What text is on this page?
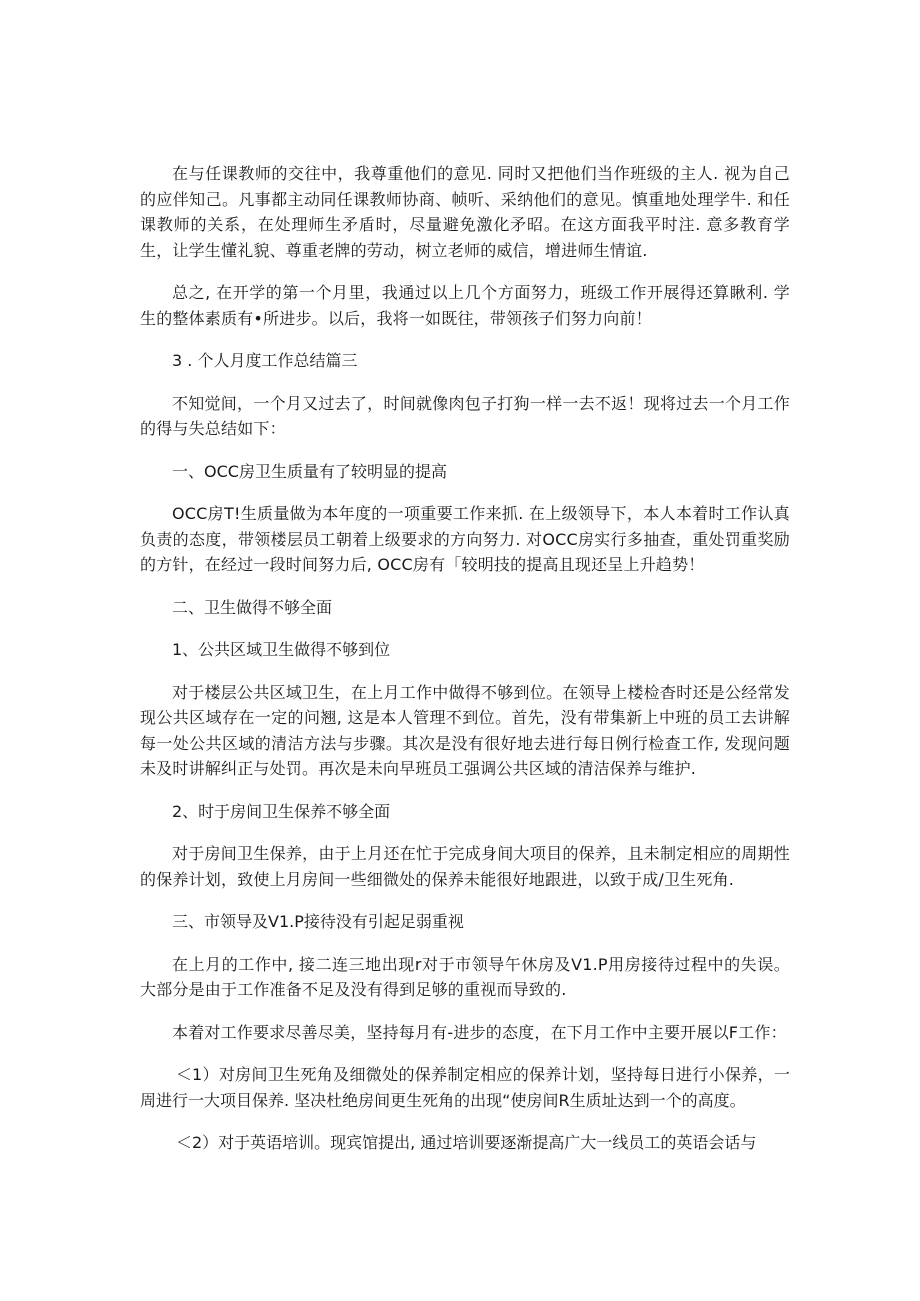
在与任课教师的交往中，我尊重他们的意见. 同时又把他们当作班级的主人. 视为自己的应伴知己。凡事都主动同任课教师协商、帧听、采纳他们的意见。慎重地处理学牛. 和任课教师的关系，在处理师生矛盾时，尽量避免激化矛昭。在这方面我平时注. 意多教育学生，让学生懂礼貌、尊重老牌的劳动，树立老师的威信，增进师生情谊.

总之, 在开学的第一个月里，我通过以上几个方面努力，班级工作开展得还算瞅利. 学生的整体素质有•所进步。以后，我将一如既往，带领孩子们努力向前！

3 . 个人月度工作总结篇三

不知觉间，一个月又过去了，时间就像肉包子打狗一样一去不返！现将过去一个月工作的得与失总结如下：

一、OCC房卫生质量有了较明显的提高

OCC房T!生质量做为本年度的一项重要工作来抓. 在上级领导下，本人本着时工作认真负责的态度，带领楼层员工朝着上级要求的方向努力. 对OCC房实行多抽查，重处罚重奖励的方针，在经过一段时间努力后, OCC房有「较明技的提高且现还呈上升趋势！

二、卫生做得不够全面

1、公共区域卫生做得不够到位

对于楼层公共区域卫生，在上月工作中做得不够到位。在领导上楼检杳时还是公经常发现公共区域存在一定的问翘, 这是本人管理不到位。首先，没有带集新上中班的员工去讲解每一处公共区域的清洁方法与步骤。其次是没有很好地去进行每日例行检查工作, 发现问题未及时讲解纠正与处罚。再次是未向早班员工强调公共区域的清洁保养与维护.

2、时于房间卫生保养不够全面

对于房间卫生保养，由于上月还在忙于完成身间大项目的保养，且未制定相应的周期性的保养计划，致使上月房间一些细微处的保养未能很好地跟进，以致于成/卫生死角.

三、市领导及V1.P接待没有引起足弱重视

在上月的工作中, 接二连三地出现r对于市领导午休房及V1.P用房接待过程中的失误。大部分是由于工作准备不足及没有得到足够的重视而导致的.

本着对工作要求尽善尽美，坚持每月有-进步的态度，在下月工作中主要开展以F工作：

＜1）对房间卫生死角及细微处的保养制定相应的保养计划，坚持每日进行小保养，一周进行一大项目保养. 坚决杜绝房间更生死角的出现“使房间R生质址达到一个的高度。

＜2）对于英语培训。现宾馆提出, 通过培训要逐渐提高广大一线员工的英语会话与
